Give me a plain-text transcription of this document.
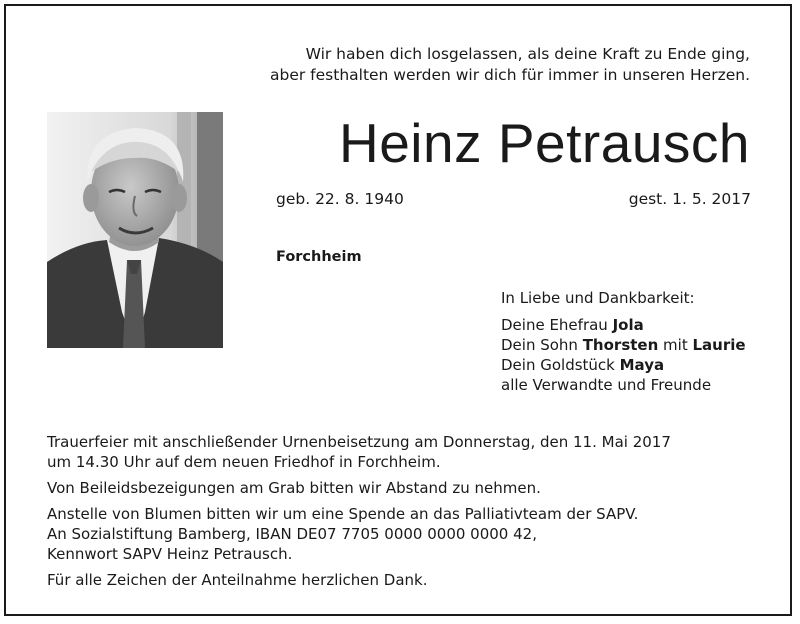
Wir haben dich losgelassen, als deine Kraft zu Ende ging,
aber festhalten werden wir dich für immer in unseren Herzen.
Heinz Petrausch
geb. 22. 8. 1940	gest. 1. 5. 2017
Forchheim
In Liebe und Dankbarkeit:
Deine Ehefrau Jola
Dein Sohn Thorsten mit Laurie
Dein Goldstück Maya
alle Verwandte und Freunde

Trauerfeier mit anschließender Urnenbeisetzung am Donnerstag, den 11. Mai 2017
um 14.30 Uhr auf dem neuen Friedhof in Forchheim.

Von Beileidsbezeigungen am Grab bitten wir Abstand zu nehmen.

Anstelle von Blumen bitten wir um eine Spende an das Palliativteam der SAPV.
An Sozialstiftung Bamberg, IBAN DE07 7705 0000 0000 0000 42,
Kennwort SAPV Heinz Petrausch.

Für alle Zeichen der Anteilnahme herzlichen Dank.
